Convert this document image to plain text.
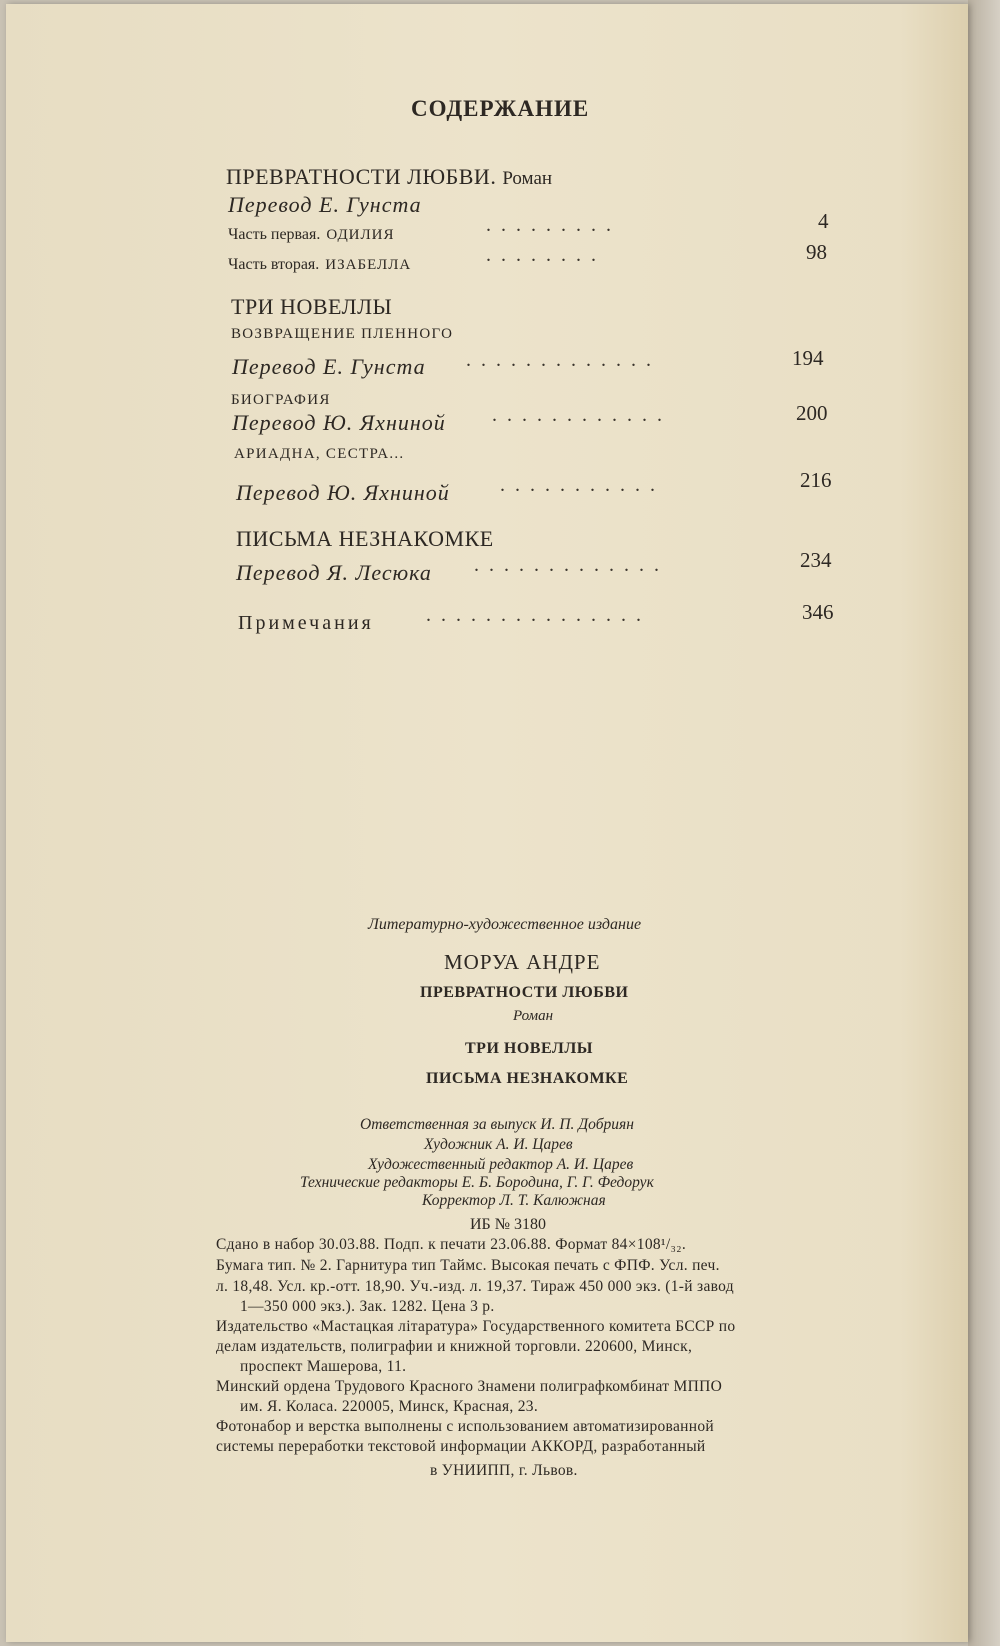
СОДЕРЖАНИЕ
ПРЕВРАТНОСТИ ЛЮБВИ. Роман
Перевод Е. Гунста
Часть первая. ОДИЛИЯ	.........	4
Часть вторая. ИЗАБЕЛЛА	........	98
ТРИ НОВЕЛЛЫ
ВОЗВРАЩЕНИЕ ПЛЕННОГО
Перевод Е. Гунста .............	194
БИОГРАФИЯ
Перевод Ю. Яхниной ............	200
АРИАДНА, СЕСТРА...
Перевод Ю. Яхниной	...........	216
ПИСЬМА НЕЗНАКОМКЕ
Перевод Я. Лесюка .............	234
Примечания	...............	346
Литературно-художественное издание
МОРУА АНДРЕ
ПРЕВРАТНОСТИ ЛЮБВИ
Роман
ТРИ НОВЕЛЛЫ
ПИСЬМА НЕЗНАКОМКЕ
Ответственная за выпуск И. П. Добриян
Художник А. И. Царев
Художественный редактор А. И. Царев
Технические редакторы Е. Б. Бородина, Г. Г. Федорук
Корректор Л. Т. Калюжная
ИБ № 3180
Сдано в набор 30.03.88. Подп. к печати 23.06.88. Формат 84×108¹/₃₂.
Бумага тип. № 2. Гарнитура тип Таймс. Высокая печать с ФПФ. Усл. печ.
л. 18,48. Усл. кр.-отт. 18,90. Уч.-изд. л. 19,37. Тираж 450 000 экз. (1-й завод
1—350 000 экз.). Зак. 1282. Цена 3 р.
Издательство «Мастацкая літаратура» Государственного комитета БССР по
делам издательств, полиграфии и книжной торговли. 220600, Минск,
проспект Машерова, 11.
Минский ордена Трудового Красного Знамени полиграфкомбинат МППО
им. Я. Коласа. 220005, Минск, Красная, 23.
Фотонабор и верстка выполнены с использованием автоматизированной
системы переработки текстовой информации АККОРД, разработанный
в УНИИПП, г. Львов.
